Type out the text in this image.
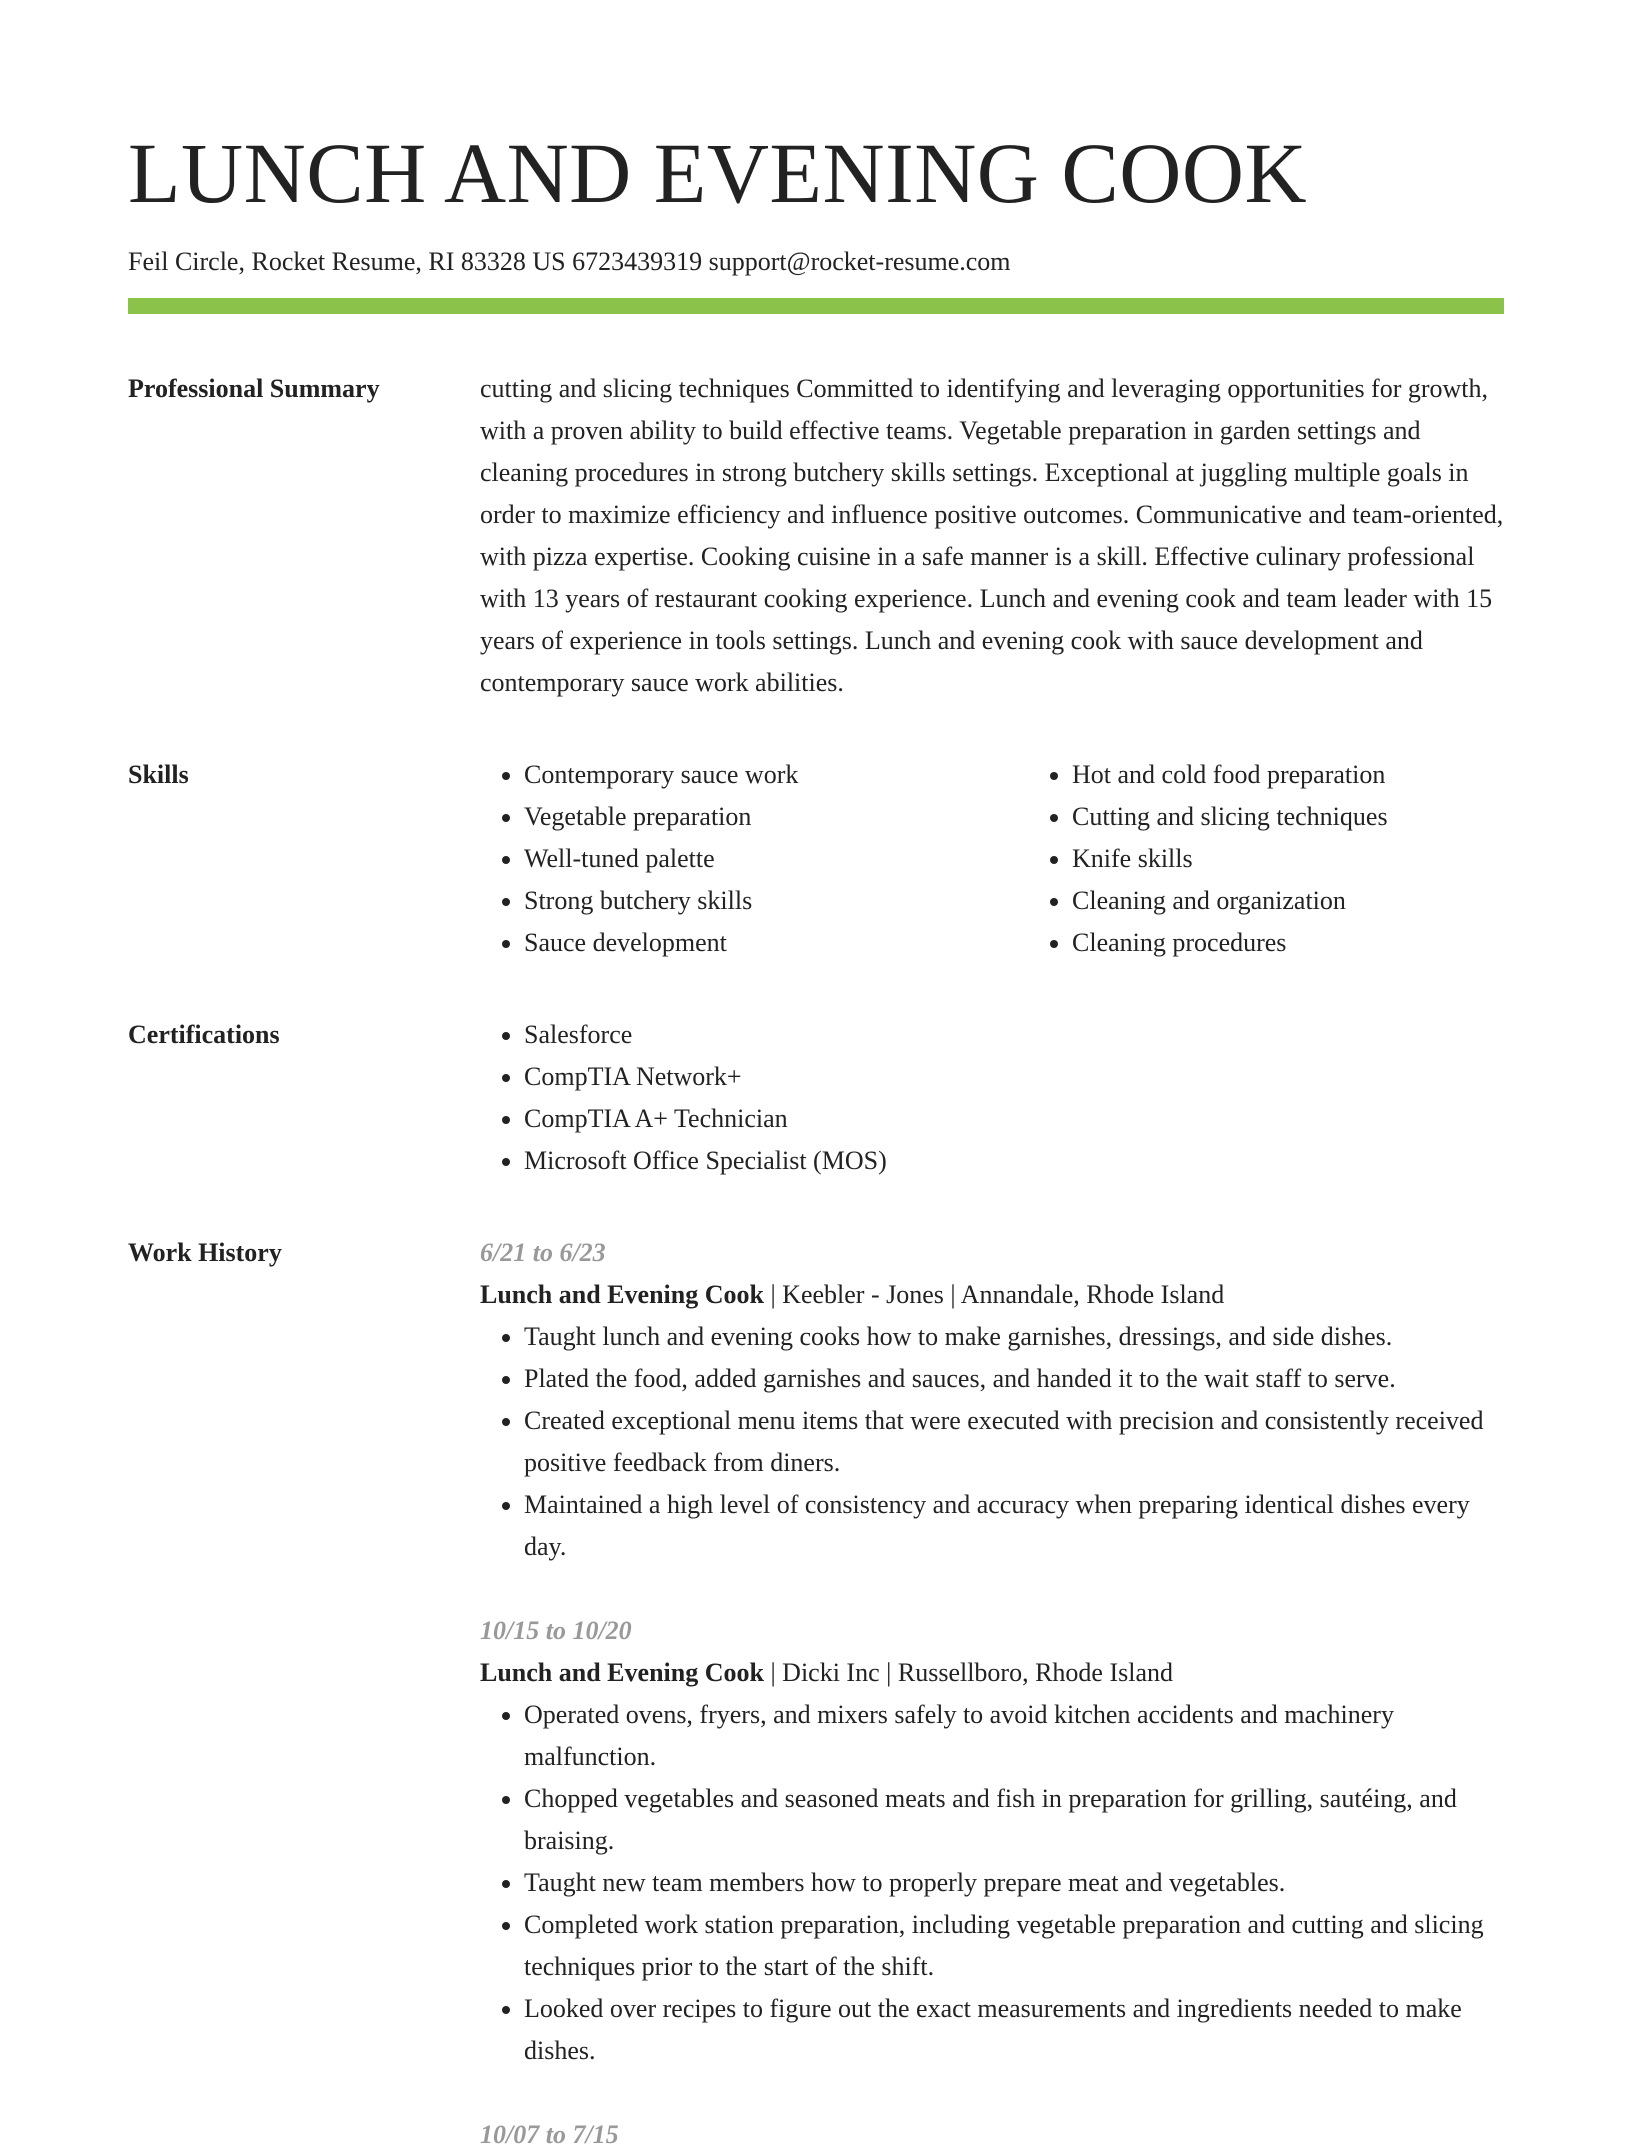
LUNCH AND EVENING COOK
Feil Circle, Rocket Resume, RI 83328 US 6723439319 support@rocket-resume.com
Professional Summary	cutting and slicing techniques Committed to identifying and leveraging opportunities for growth, with a proven ability to build effective teams. Vegetable preparation in garden settings and cleaning procedures in strong butchery skills settings. Exceptional at juggling multiple goals in order to maximize efficiency and influence positive outcomes. Communicative and team-oriented, with pizza expertise. Cooking cuisine in a safe manner is a skill. Effective culinary professional with 13 years of restaurant cooking experience. Lunch and evening cook and team leader with 15 years of experience in tools settings. Lunch and evening cook with sauce development and contemporary sauce work abilities.

Skills	• Contemporary sauce work
• Vegetable preparation
• Well-tuned palette
• Strong butchery skills
• Sauce development
• Hot and cold food preparation
• Cutting and slicing techniques
• Knife skills
• Cleaning and organization
• Cleaning procedures
Certifications	• Salesforce
• CompTIA Network+
• CompTIA A+ Technician
• Microsoft Office Specialist (MOS)
Work History	6/21 to 6/23
Lunch and Evening Cook | Keebler - Jones | Annandale, Rhode Island
• Taught lunch and evening cooks how to make garnishes, dressings, and side dishes.
• Plated the food, added garnishes and sauces, and handed it to the wait staff to serve.
• Created exceptional menu items that were executed with precision and consistently received positive feedback from diners.
• Maintained a high level of consistency and accuracy when preparing identical dishes every day.
10/15 to 10/20
Lunch and Evening Cook | Dicki Inc | Russellboro, Rhode Island
• Operated ovens, fryers, and mixers safely to avoid kitchen accidents and machinery malfunction.
• Chopped vegetables and seasoned meats and fish in preparation for grilling, sautéing, and braising.
• Taught new team members how to properly prepare meat and vegetables.
• Completed work station preparation, including vegetable preparation and cutting and slicing techniques prior to the start of the shift.
• Looked over recipes to figure out the exact measurements and ingredients needed to make dishes.
10/07 to 7/15
